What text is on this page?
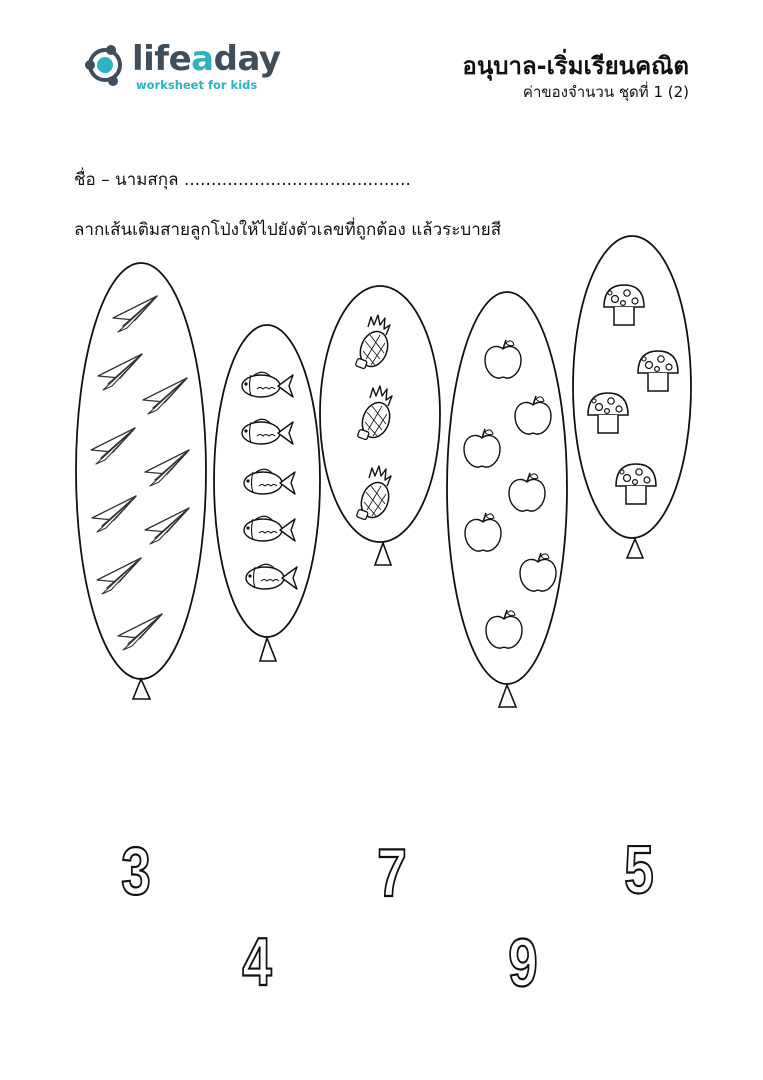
lifeaday
worksheet for kids
อนุบาล-เริ่มเรียนคณิต
ค่าของจำนวน ชุดที่ 1 (2)
ชื่อ – นามสกุล ..........................................
ลากเส้นเติมสายลูกโป่งให้ไปยังตัวเลขที่ถูกต้อง แล้วระบายสี
3
4
7
9
5
